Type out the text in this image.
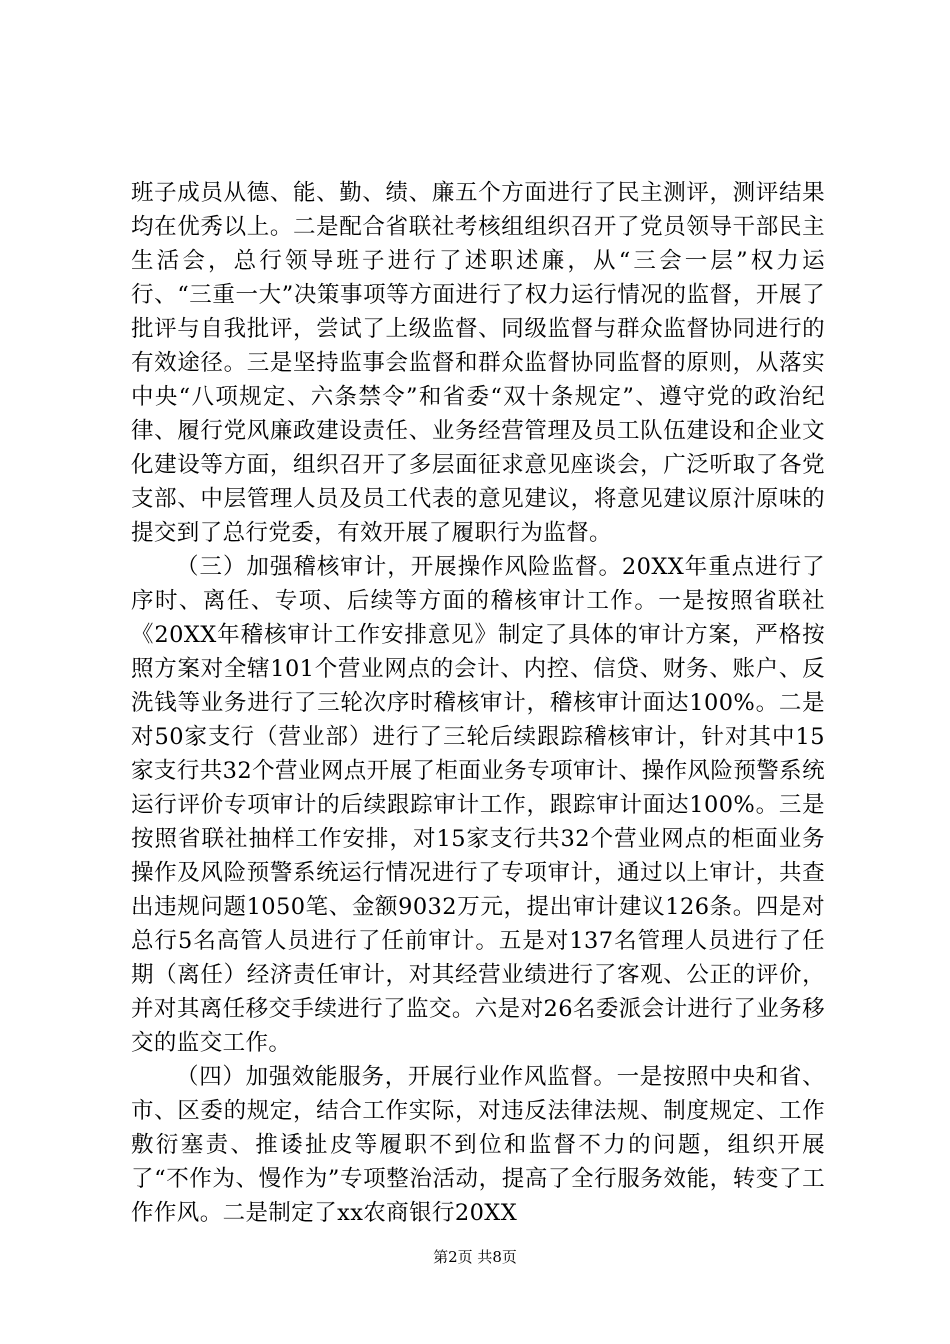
班子成员从德、能、勤、绩、廉五个方面进行了民主测评，测评结果均在优秀以上。二是配合省联社考核组组织召开了党员领导干部民主生活会，总行领导班子进行了述职述廉，从“三会一层”权力运行、“三重一大”决策事项等方面进行了权力运行情况的监督，开展了批评与自我批评，尝试了上级监督、同级监督与群众监督协同进行的有效途径。三是坚持监事会监督和群众监督协同监督的原则，从落实中央“八项规定、六条禁令”和省委“双十条规定”、遵守党的政治纪律、履行党风廉政建设责任、业务经营管理及员工队伍建设和企业文化建设等方面，组织召开了多层面征求意见座谈会，广泛听取了各党支部、中层管理人员及员工代表的意见建议，将意见建议原汁原味的提交到了总行党委，有效开展了履职行为监督。

（三）加强稽核审计，开展操作风险监督。20XX年重点进行了序时、离任、专项、后续等方面的稽核审计工作。一是按照省联社《20XX年稽核审计工作安排意见》制定了具体的审计方案，严格按照方案对全辖101个营业网点的会计、内控、信贷、财务、账户、反洗钱等业务进行了三轮次序时稽核审计，稽核审计面达100%。二是对50家支行（营业部）进行了三轮后续跟踪稽核审计，针对其中15家支行共32个营业网点开展了柜面业务专项审计、操作风险预警系统运行评价专项审计的后续跟踪审计工作，跟踪审计面达100%。三是按照省联社抽样工作安排，对15家支行共32个营业网点的柜面业务操作及风险预警系统运行情况进行了专项审计，通过以上审计，共查出违规问题1050笔、金额9032万元，提出审计建议126条。四是对总行5名高管人员进行了任前审计。五是对137名管理人员进行了任期（离任）经济责任审计，对其经营业绩进行了客观、公正的评价，并对其离任移交手续进行了监交。六是对26名委派会计进行了业务移交的监交工作。

（四）加强效能服务，开展行业作风监督。一是按照中央和省、市、区委的规定，结合工作实际，对违反法律法规、制度规定、工作敷衍塞责、推诿扯皮等履职不到位和监督不力的问题，组织开展了“不作为、慢作为”专项整治活动，提高了全行服务效能，转变了工作作风。二是制定了xx农商银行20XX

第2页 共8页
